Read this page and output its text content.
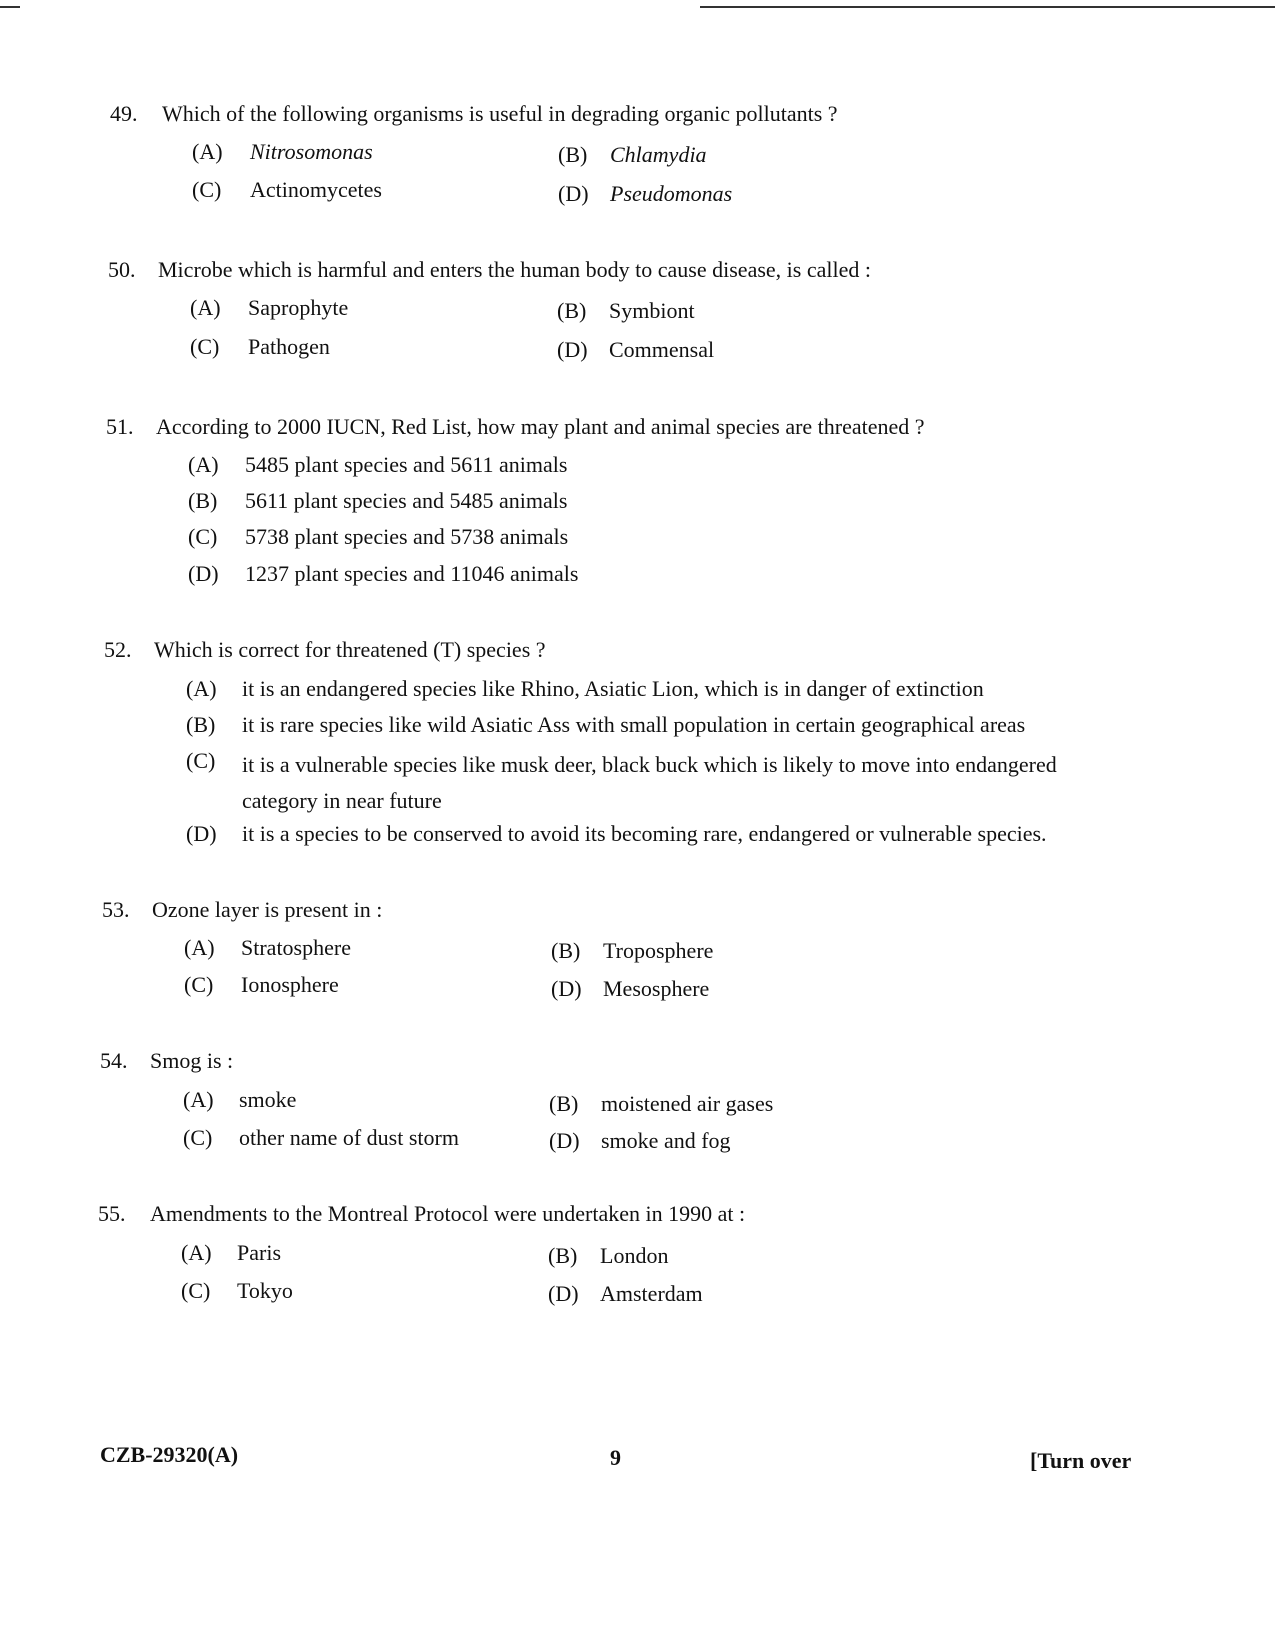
49. Which of the following organisms is useful in degrading organic pollutants ?
(A) Nitrosomonas	(B) Chlamydia
(C) Actinomycetes	(D) Pseudomonas
50. Microbe which is harmful and enters the human body to cause disease, is called :
(A) Saprophyte	(B) Symbiont
(C) Pathogen	(D) Commensal
51. According to 2000 IUCN, Red List, how may plant and animal species are threatened ?
(A) 5485 plant species and 5611 animals
(B) 5611 plant species and 5485 animals
(C) 5738 plant species and 5738 animals
(D) 1237 plant species and 11046 animals
52. Which is correct for threatened (T) species ?
(A) it is an endangered species like Rhino, Asiatic Lion, which is in danger of extinction
(B) it is rare species like wild Asiatic Ass with small population in certain geographical areas
(C)	it is a vulnerable species like musk deer, black buck which is likely to move into endangered category in near future
(D) it is a species to be conserved to avoid its becoming rare, endangered or vulnerable species.
53. Ozone layer is present in :
(A) Stratosphere	(B) Troposphere
(C) Ionosphere	(D) Mesosphere
54. Smog is :
(A) smoke	(B) moistened air gases
(C) other name of dust storm	(D) smoke and fog
55. Amendments to the Montreal Protocol were undertaken in 1990 at :
(A) Paris	(B) London
(C) Tokyo	(D) Amsterdam
CZB-29320(A)	9	[Turn over
